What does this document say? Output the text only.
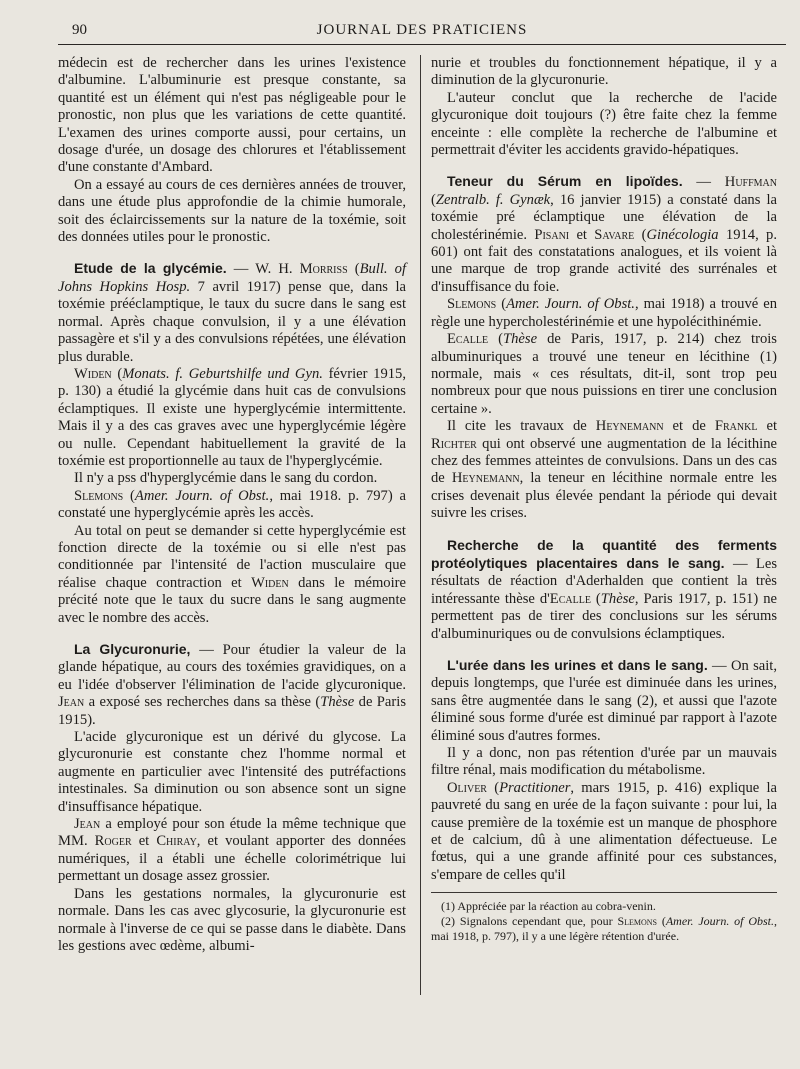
90	JOURNAL DES PRATICIENS

médecin est de rechercher dans les urines l'existence d'albumine. L'albuminurie est presque constante, sa quantité est un élément qui n'est pas négligeable pour le pronostic, non plus que les variations de cette quantité. L'examen des urines comporte aussi, pour certains, un dosage d'urée, un dosage des chlorures et l'établissement d'une constante d'Ambard.

On a essayé au cours de ces dernières années de trouver, dans une étude plus approfondie de la chimie humorale, soit des éclaircissements sur la nature de la toxémie, soit des données utiles pour le pronostic.

Etude de la glycémie. — W. H. Morriss (Bull. of Johns Hopkins Hosp. 7 avril 1917) pense que, dans la toxémie prééclamptique, le taux du sucre dans le sang est normal. Après chaque convulsion, il y a une élévation passagère et s'il y a des convulsions répétées, une élévation plus durable.

Widen (Monats. f. Geburtshilfe und Gyn. février 1915, p. 130) a étudié la glycémie dans huit cas de convulsions éclamptiques. Il existe une hyperglycémie intermittente. Mais il y a des cas graves avec une hyperglycémie légère ou nulle. Cependant habituellement la gravité de la toxémie est proportionnelle au taux de l'hyperglycémie.

Il n'y a pss d'hyperglycémie dans le sang du cordon.

Slemons (Amer. Journ. of Obst., mai 1918. p. 797) a constaté une hyperglycémie après les accès.

Au total on peut se demander si cette hyperglycémie est fonction directe de la toxémie ou si elle n'est pas conditionnée par l'intensité de l'action musculaire que réalise chaque contraction et Widen dans le mémoire précité note que le taux du sucre dans le sang augmente avec le nombre des accès.

La Glycuronurie, — Pour étudier la valeur de la glande hépatique, au cours des toxémies gravidiques, on a eu l'idée d'observer l'élimination de l'acide glycuronique. Jean a exposé ses recherches dans sa thèse (Thèse de Paris 1915).

L'acide glycuronique est un dérivé du glycose. La glycuronurie est constante chez l'homme normal et augmente en particulier avec l'intensité des putréfactions intestinales. Sa diminution ou son absence sont un signe d'insuffisance hépatique.

Jean a employé pour son étude la même technique que MM. Roger et Chiray, et voulant apporter des données numériques, il a établi une échelle colorimétrique lui permettant un dosage assez grossier.

Dans les gestations normales, la glycuronurie est normale. Dans les cas avec glycosurie, la glycuronurie est normale à l'inverse de ce qui se passe dans le diabète. Dans les gestions avec œdème, albumi-

nurie et troubles du fonctionnement hépatique, il y a diminution de la glycuronurie.

L'auteur conclut que la recherche de l'acide glycuronique doit toujours (?) être faite chez la femme enceinte : elle complète la recherche de l'albumine et permettrait d'éviter les accidents gravido-hépatiques.

Teneur du Sérum en lipoïdes. — Huffman (Zentralb. f. Gynæk, 16 janvier 1915) a constaté dans la toxémie pré éclamptique une élévation de la cholestérinémie. Pisani et Savare (Ginécologia 1914, p. 601) ont fait des constatations analogues, et ils voient là une marque de trop grande activité des surrénales et d'insuffisance du foie.

Slemons (Amer. Journ. of Obst., mai 1918) a trouvé en règle une hypercholestérinémie et une hypolécithinémie.

Ecalle (Thèse de Paris, 1917, p. 214) chez trois albuminuriques a trouvé une teneur en lécithine (1) normale, mais « ces résultats, dit-il, sont trop peu nombreux pour que nous puissions en tirer une conclusion certaine ».

Il cite les travaux de Heynemann et de Frankl et Richter qui ont observé une augmentation de la lécithine chez des femmes atteintes de convulsions. Dans un des cas de Heynemann, la teneur en lécithine normale entre les crises devenait plus élevée pendant la période qui devait suivre les crises.

Recherche de la quantité des ferments protéolytiques placentaires dans le sang. — Les résultats de réaction d'Aderhalden que contient la très intéressante thèse d'Ecalle (Thèse, Paris 1917, p. 151) ne permettent pas de tirer des conclusions sur les sérums d'albuminuriques ou de convulsions éclamptiques.

L'urée dans les urines et dans le sang. — On sait, depuis longtemps, que l'urée est diminuée dans les urines, sans être augmentée dans le sang (2), et aussi que l'azote éliminé sous forme d'urée est diminué par rapport à l'azote éliminé sous d'autres formes.

Il y a donc, non pas rétention d'urée par un mauvais filtre rénal, mais modification du métabolisme.

Oliver (Practitioner, mars 1915, p. 416) explique la pauvreté du sang en urée de la façon suivante : pour lui, la cause première de la toxémie est un manque de phosphore et de calcium, dû à une alimentation défectueuse. Le fœtus, qui a une grande affinité pour ces substances, s'empare de celles qu'il

(1) Appréciée par la réaction au cobra-venin.

(2) Signalons cependant que, pour Slemons (Amer. Journ. of Obst., mai 1918, p. 797), il y a une légère rétention d'urée.
